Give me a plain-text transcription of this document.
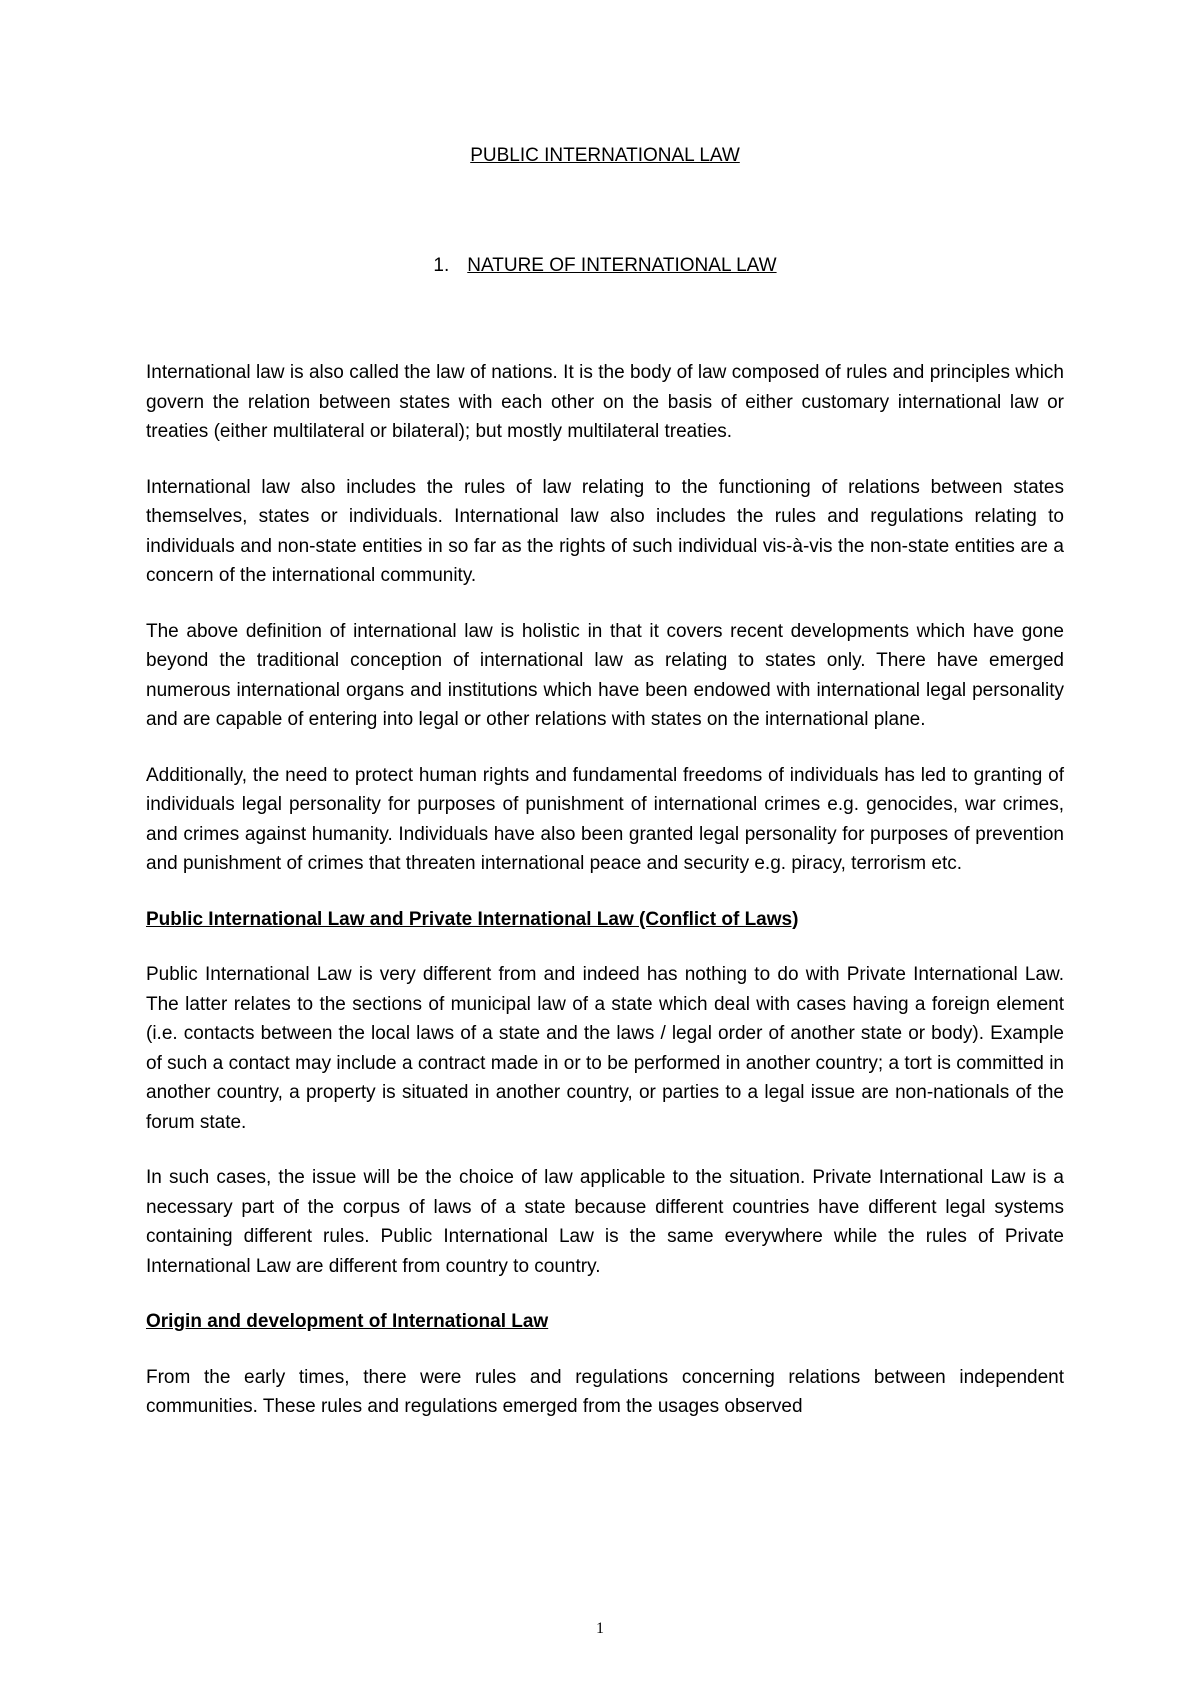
PUBLIC INTERNATIONAL LAW
1. NATURE OF INTERNATIONAL LAW

International law is also called the law of nations. It is the body of law composed of rules and principles which govern the relation between states with each other on the basis of either customary international law or treaties (either multilateral or bilateral); but mostly multilateral treaties.

International law also includes the rules of law relating to the functioning of relations between states themselves, states or individuals. International law also includes the rules and regulations relating to individuals and non-state entities in so far as the rights of such individual vis-à-vis the non-state entities are a concern of the international community.

The above definition of international law is holistic in that it covers recent developments which have gone beyond the traditional conception of international law as relating to states only. There have emerged numerous international organs and institutions which have been endowed with international legal personality and are capable of entering into legal or other relations with states on the international plane.

Additionally, the need to protect human rights and fundamental freedoms of individuals has led to granting of individuals legal personality for purposes of punishment of international crimes e.g. genocides, war crimes, and crimes against humanity. Individuals have also been granted legal personality for purposes of prevention and punishment of crimes that threaten international peace and security e.g. piracy, terrorism etc.

Public International Law and Private International Law (Conflict of Laws)

Public International Law is very different from and indeed has nothing to do with Private International Law. The latter relates to the sections of municipal law of a state which deal with cases having a foreign element (i.e. contacts between the local laws of a state and the laws / legal order of another state or body). Example of such a contact may include a contract made in or to be performed in another country; a tort is committed in another country, a property is situated in another country, or parties to a legal issue are non-nationals of the forum state.

In such cases, the issue will be the choice of law applicable to the situation. Private International Law is a necessary part of the corpus of laws of a state because different countries have different legal systems containing different rules. Public International Law is the same everywhere while the rules of Private International Law are different from country to country.

Origin and development of International Law

From the early times, there were rules and regulations concerning relations between independent communities. These rules and regulations emerged from the usages observed

1
